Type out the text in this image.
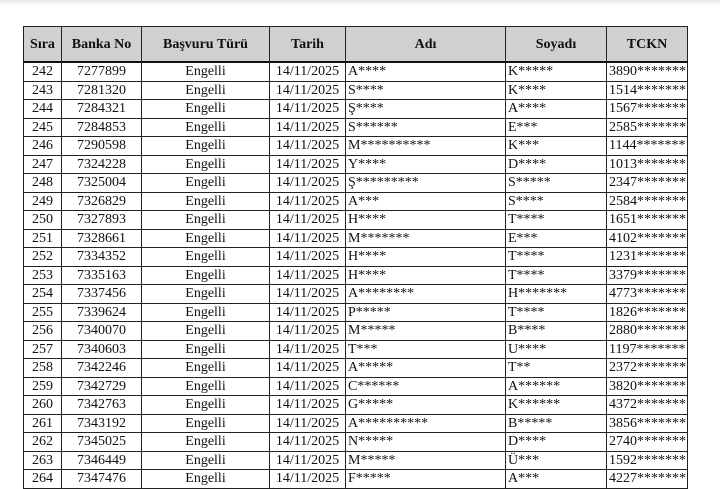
Sıra	Banka No	Başvuru Türü	Tarih	Adı	Soyadı	TCKN
242	7277899	Engelli	14/11/2025	A****	K*****	3890*******
243	7281320	Engelli	14/11/2025	S****	K****	1514*******
244	7284321	Engelli	14/11/2025	Ş****	A****	1567*******
245	7284853	Engelli	14/11/2025	S******	E***	2585*******
246	7290598	Engelli	14/11/2025	M**********	K***	1144*******
247	7324228	Engelli	14/11/2025	Y****	D****	1013*******
248	7325004	Engelli	14/11/2025	Ş*********	S*****	2347*******
249	7326829	Engelli	14/11/2025	A***	S****	2584*******
250	7327893	Engelli	14/11/2025	H****	T****	1651*******
251	7328661	Engelli	14/11/2025	M*******	E***	4102*******
252	7334352	Engelli	14/11/2025	H****	T****	1231*******
253	7335163	Engelli	14/11/2025	H****	T****	3379*******
254	7337456	Engelli	14/11/2025	A********	H*******	4773*******
255	7339624	Engelli	14/11/2025	P*****	T****	1826*******
256	7340070	Engelli	14/11/2025	M*****	B****	2880*******
257	7340603	Engelli	14/11/2025	T***	U****	1197*******
258	7342246	Engelli	14/11/2025	A*****	T**	2372*******
259	7342729	Engelli	14/11/2025	C******	A******	3820*******
260	7342763	Engelli	14/11/2025	G*****	K******	4372*******
261	7343192	Engelli	14/11/2025	A**********	B*****	3856*******
262	7345025	Engelli	14/11/2025	N*****	D****	2740*******
263	7346449	Engelli	14/11/2025	M*****	Ü***	1592*******
264	7347476	Engelli	14/11/2025	F*****	A***	4227*******
